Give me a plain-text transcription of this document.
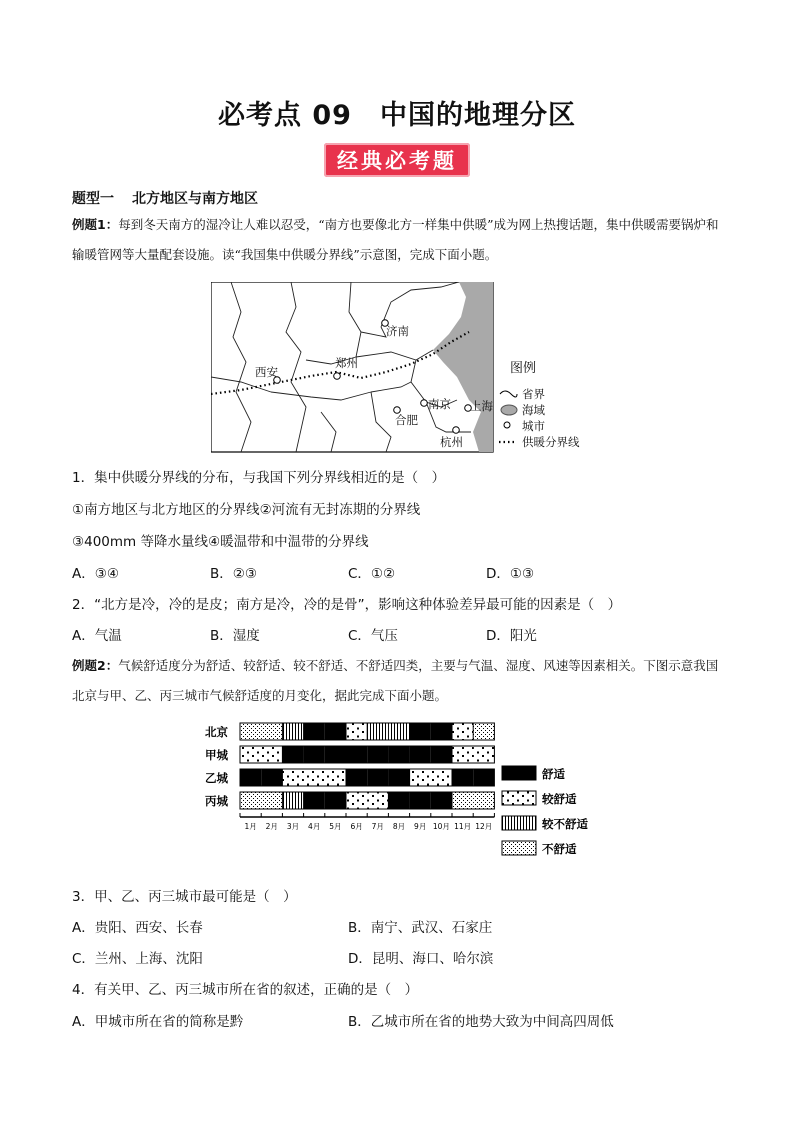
必考点 09　中国的地理分区
经典必考题
题型一 北方地区与南方地区
例题1：每到冬天南方的湿冷让人难以忍受，“南方也要像北方一样集中供暖”成为网上热搜话题，集中供暖需要锅炉和输暖管网等大量配套设施。读“我国集中供暖分界线”示意图，完成下面小题。
济南
郑州
西安
南京 上海
合肥
杭州
图例
省界
海域
城市
供暖分界线
1．集中供暖分界线的分布，与我国下列分界线相近的是（　）
①南方地区与北方地区的分界线②河流有无封冻期的分界线
③400mm 等降水量线④暖温带和中温带的分界线
A．③④	B．②③	C．①②	D．①③
2．“北方是冷，冷的是皮；南方是冷，冷的是骨”，影响这种体验差异最可能的因素是（　）
A．气温	B．湿度	C．气压	D．阳光
例题2：气候舒适度分为舒适、较舒适、较不舒适、不舒适四类，主要与气温、湿度、风速等因素相关。下图示意我国北京与甲、乙、丙三城市气候舒适度的月变化，据此完成下面小题。
北京
甲城
乙城
丙城
1月 2月 3月 4月 5月 6月 7月 8月 9月 10月 11月 12月
舒适
较舒适
较不舒适
不舒适
3．甲、乙、丙三城市最可能是（　）
A．贵阳、西安、长春	B．南宁、武汉、石家庄
C．兰州、上海、沈阳	D．昆明、海口、哈尔滨
4．有关甲、乙、丙三城市所在省的叙述，正确的是（　）
A．甲城市所在省的简称是黔	B．乙城市所在省的地势大致为中间高四周低
